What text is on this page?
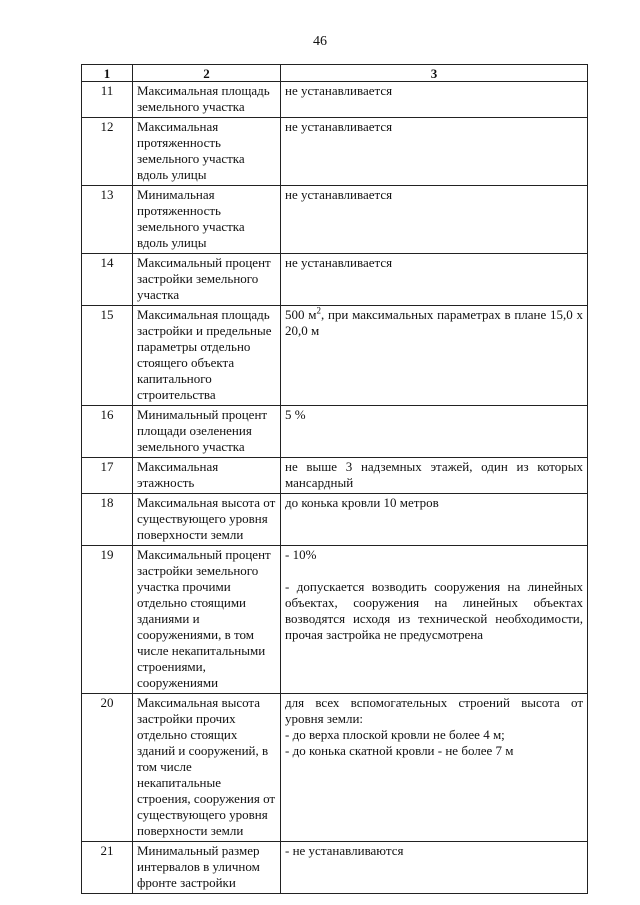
46
1	2	3
11	Максимальная площадь земельного участка	не устанавливается
12	Максимальная протяженность земельного участка вдоль улицы	не устанавливается
13	Минимальная протяженность земельного участка вдоль улицы	не устанавливается
14	Максимальный процент застройки земельного участка	не устанавливается
15	Максимальная площадь застройки и предельные параметры отдельно стоящего объекта капитального строительства	500 $м^2$, при максимальных параметрах в плане 15,0 х 20,0 м
16	Минимальный процент площади озеленения земельного участка	5 %
17	Максимальная этажность	не выше 3 надземных этажей, один из которых мансардный
18	Максимальная высота от существующего уровня поверхности земли	до конька кровли 10 метров
19	Максимальный процент застройки земельного участка прочими отдельно стоящими зданиями и сооружениями, в том числе некапитальными строениями, сооружениями	- 10%
- допускается возводить сооружения на линейных объектах, сооружения на линейных объектах возводятся исходя из технической необходимости, прочая застройка не предусмотрена

20	Максимальная высота застройки прочих отдельно стоящих зданий и сооружений, в том числе некапитальные строения, сооружения от существующего уровня поверхности земли	для всех вспомогательных строений высота от уровня земли:
- до верха плоской кровли не более 4 м;
- до конька скатной кровли - не более 7 м

21	Минимальный размер интервалов в уличном фронте застройки	- не устанавливаются
